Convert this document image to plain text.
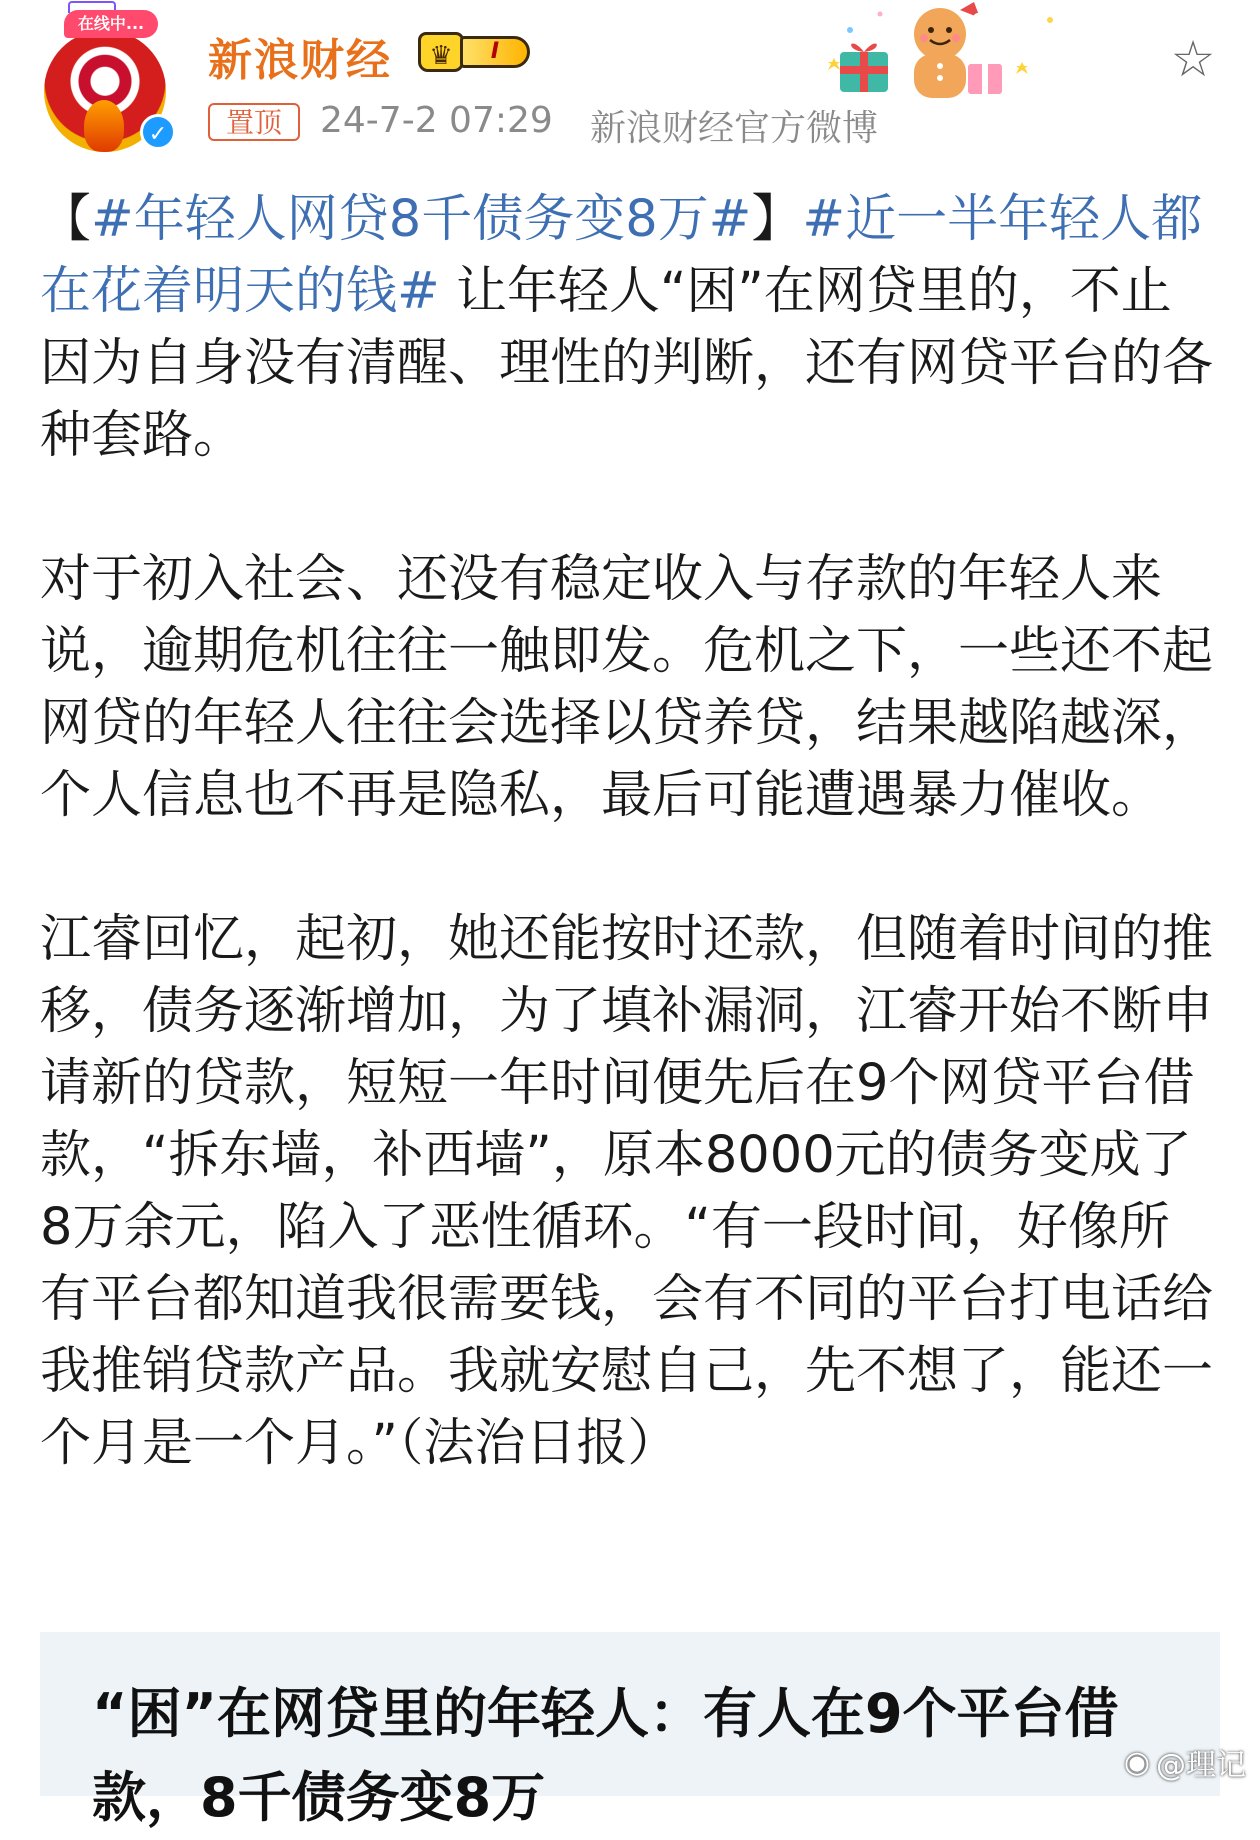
在线中...
✓
新浪财经	♛	I
置顶	24-7-2 07:29 新浪财经官方微博
☆

【#年轻人网贷8千债务变8万#】#近一半年轻人都在花着明天的钱# 让年轻人“困”在网贷里的，不止因为自身没有清醒、理性的判断，还有网贷平台的各种套路。

对于初入社会、还没有稳定收入与存款的年轻人来说，逾期危机往往一触即发。危机之下，一些还不起网贷的年轻人往往会选择以贷养贷，结果越陷越深，个人信息也不再是隐私，最后可能遭遇暴力催收。

江睿回忆，起初，她还能按时还款，但随着时间的推移，债务逐渐增加，为了填补漏洞，江睿开始不断申请新的贷款，短短一年时间便先后在9个网贷平台借款，“拆东墙，补西墙”，原本8000元的债务变成了8万余元，陷入了恶性循环。“有一段时间，好像所有平台都知道我很需要钱，会有不同的平台打电话给我推销贷款产品。我就安慰自己，先不想了，能还一个月是一个月。”（法治日报）

“困”在网贷里的年轻人：有人在9个平台借款，8千债务变8万
◉ @理记
